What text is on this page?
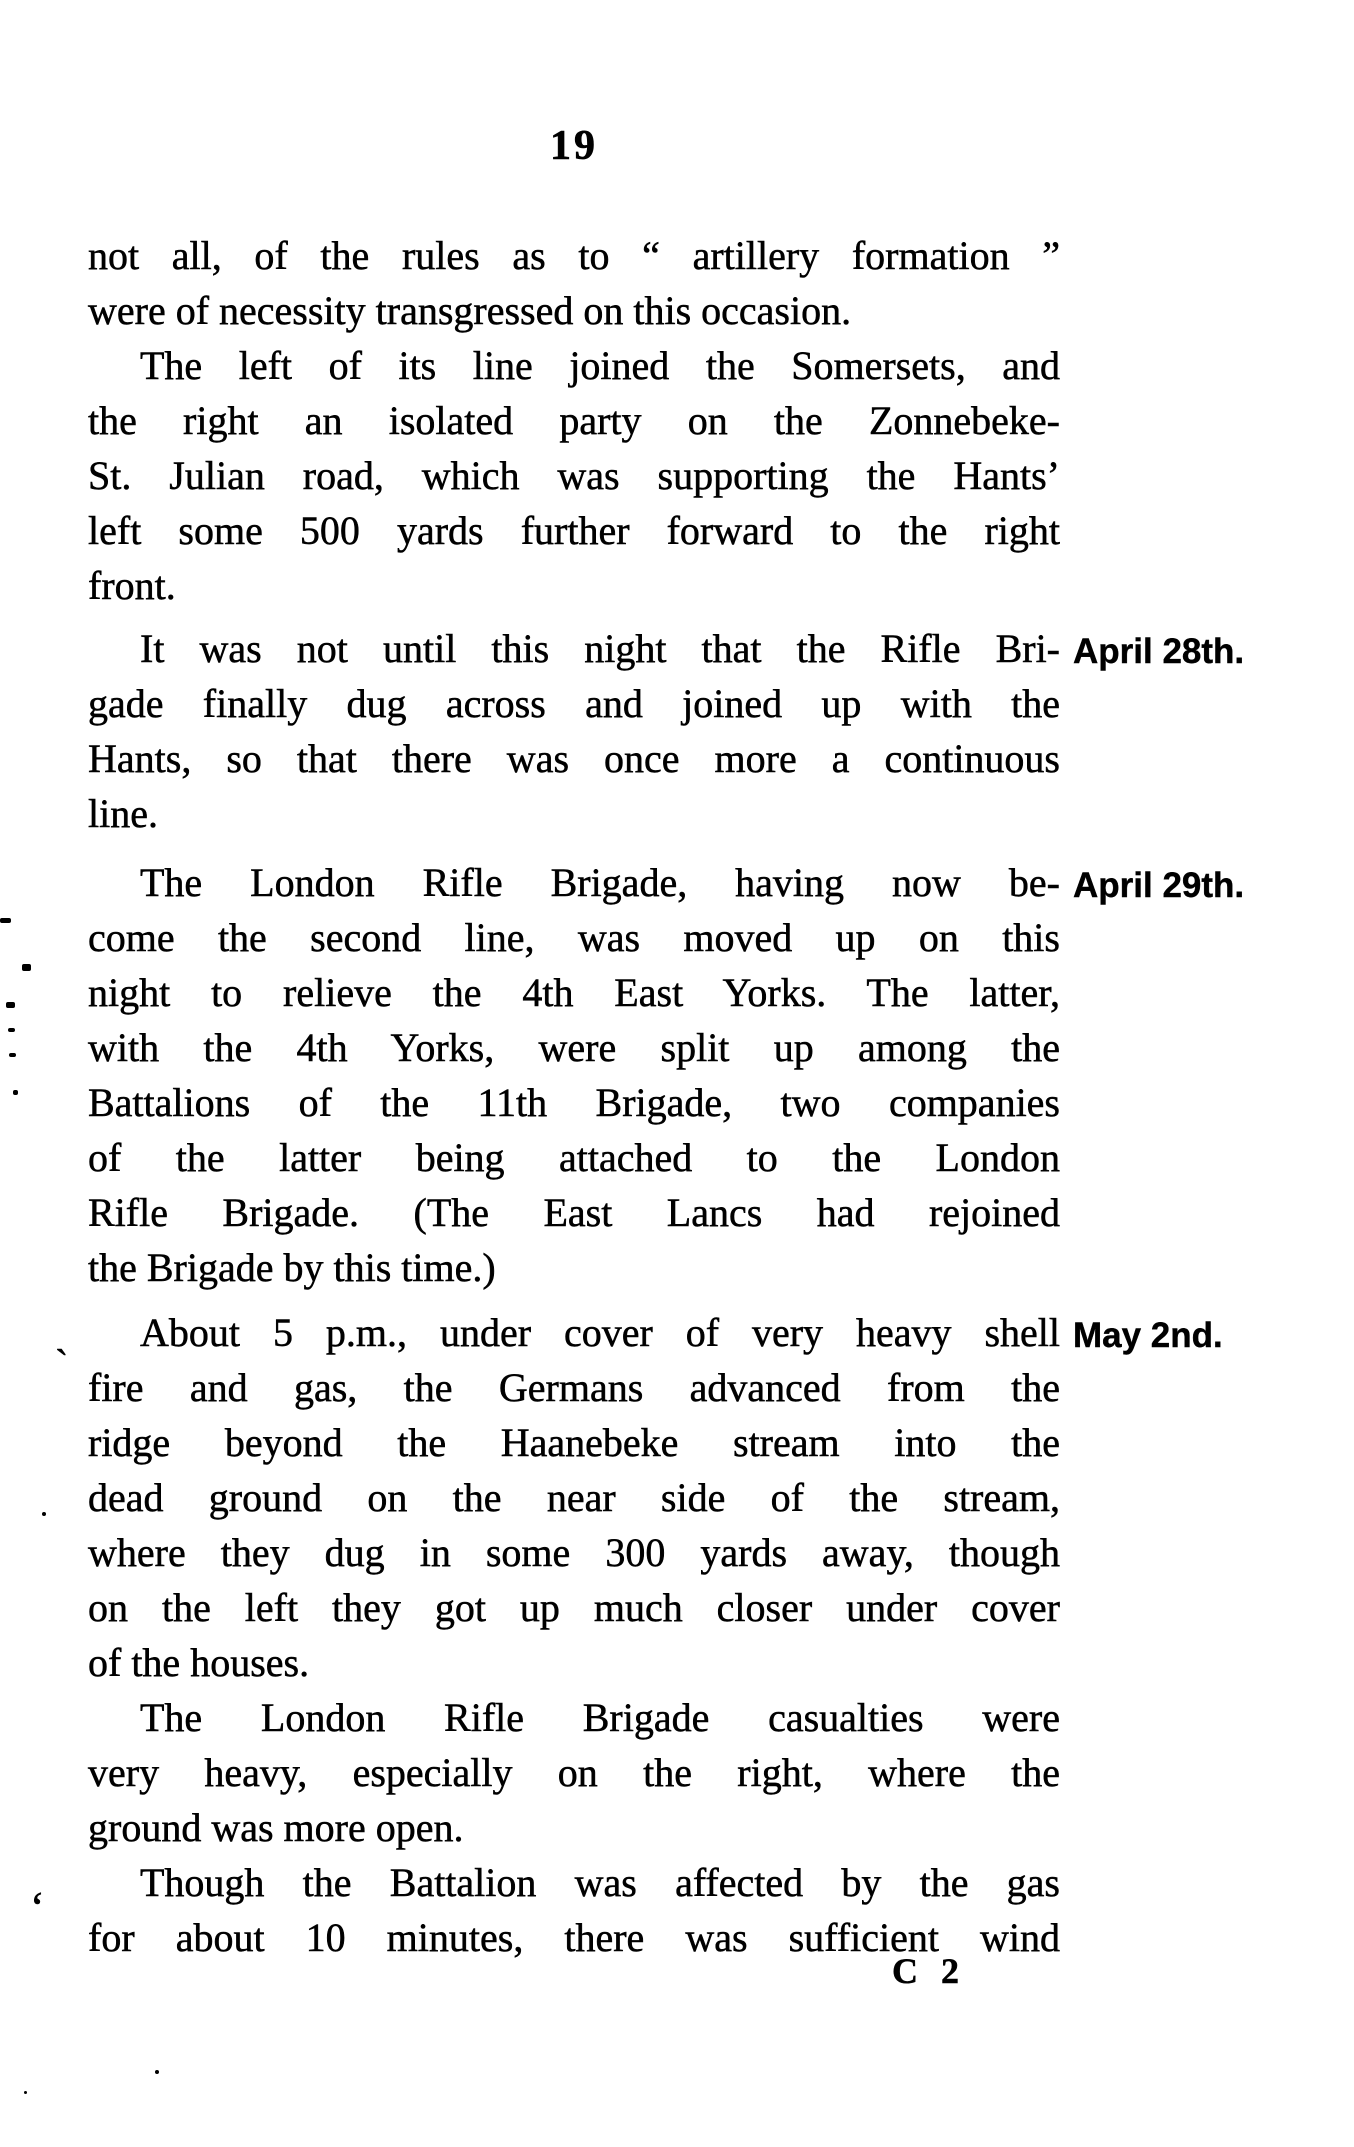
19
not all, of the rules as to “ artillery formation ”
were of necessity transgressed on this occasion.
The left of its line joined the Somersets, and
the right an isolated party on the Zonnebeke-
St. Julian road, which was supporting the Hants’
left some 500 yards further forward to the right
front.
It was not until this night that the Rifle Bri-
gade finally dug across and joined up with the
Hants, so that there was once more a continuous
line.
April 28th.
The London Rifle Brigade, having now be-
come the second line, was moved up on this
night to relieve the 4th East Yorks. The latter,
with the 4th Yorks, were split up among the
Battalions of the 11th Brigade, two companies
of the latter being attached to the London
Rifle Brigade. (The East Lancs had rejoined
the Brigade by this time.)
April 29th.
About 5 p.m., under cover of very heavy shell
fire and gas, the Germans advanced from the
ridge beyond the Haanebeke stream into the
dead ground on the near side of the stream,
where they dug in some 300 yards away, though
on the left they got up much closer under cover
of the houses.
May 2nd.
The London Rifle Brigade casualties were
very heavy, especially on the right, where the
ground was more open.
Though the Battalion was affected by the gas
for about 10 minutes, there was sufficient wind
C 2
`
‘
